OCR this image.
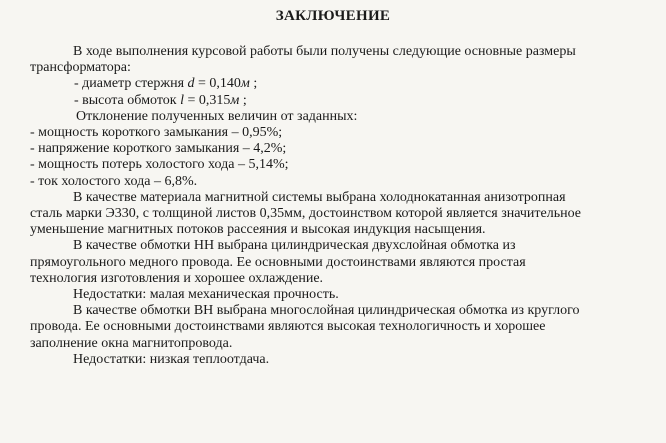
ЗАКЛЮЧЕНИЕ

В ходе выполнения курсовой работы были получены следующие основные размеры

трансформатора:

- диаметр стержня d = 0,140м ;

- высота обмоток l = 0,315м ;

Отклонение полученных величин от заданных:

- мощность короткого замыкания – 0,95%;

- напряжение короткого замыкания – 4,2%;

- мощность потерь холостого хода – 5,14%;

- ток холостого хода – 6,8%.

В качестве материала магнитной системы выбрана холоднокатанная анизотропная

сталь марки Э330, с толщиной листов 0,35мм, достоинством которой является значительное

уменьшение магнитных потоков рассеяния и высокая индукция насыщения.

В качестве обмотки НН выбрана цилиндрическая двухслойная обмотка из

прямоугольного медного провода. Ее основными достоинствами являются простая

технология изготовления и хорошее охлаждение.

Недостатки: малая механическая прочность.

В качестве обмотки ВН выбрана многослойная цилиндрическая обмотка из круглого

провода. Ее основными достоинствами являются высокая технологичность и хорошее

заполнение окна магнитопровода.

Недостатки: низкая теплоотдача.
